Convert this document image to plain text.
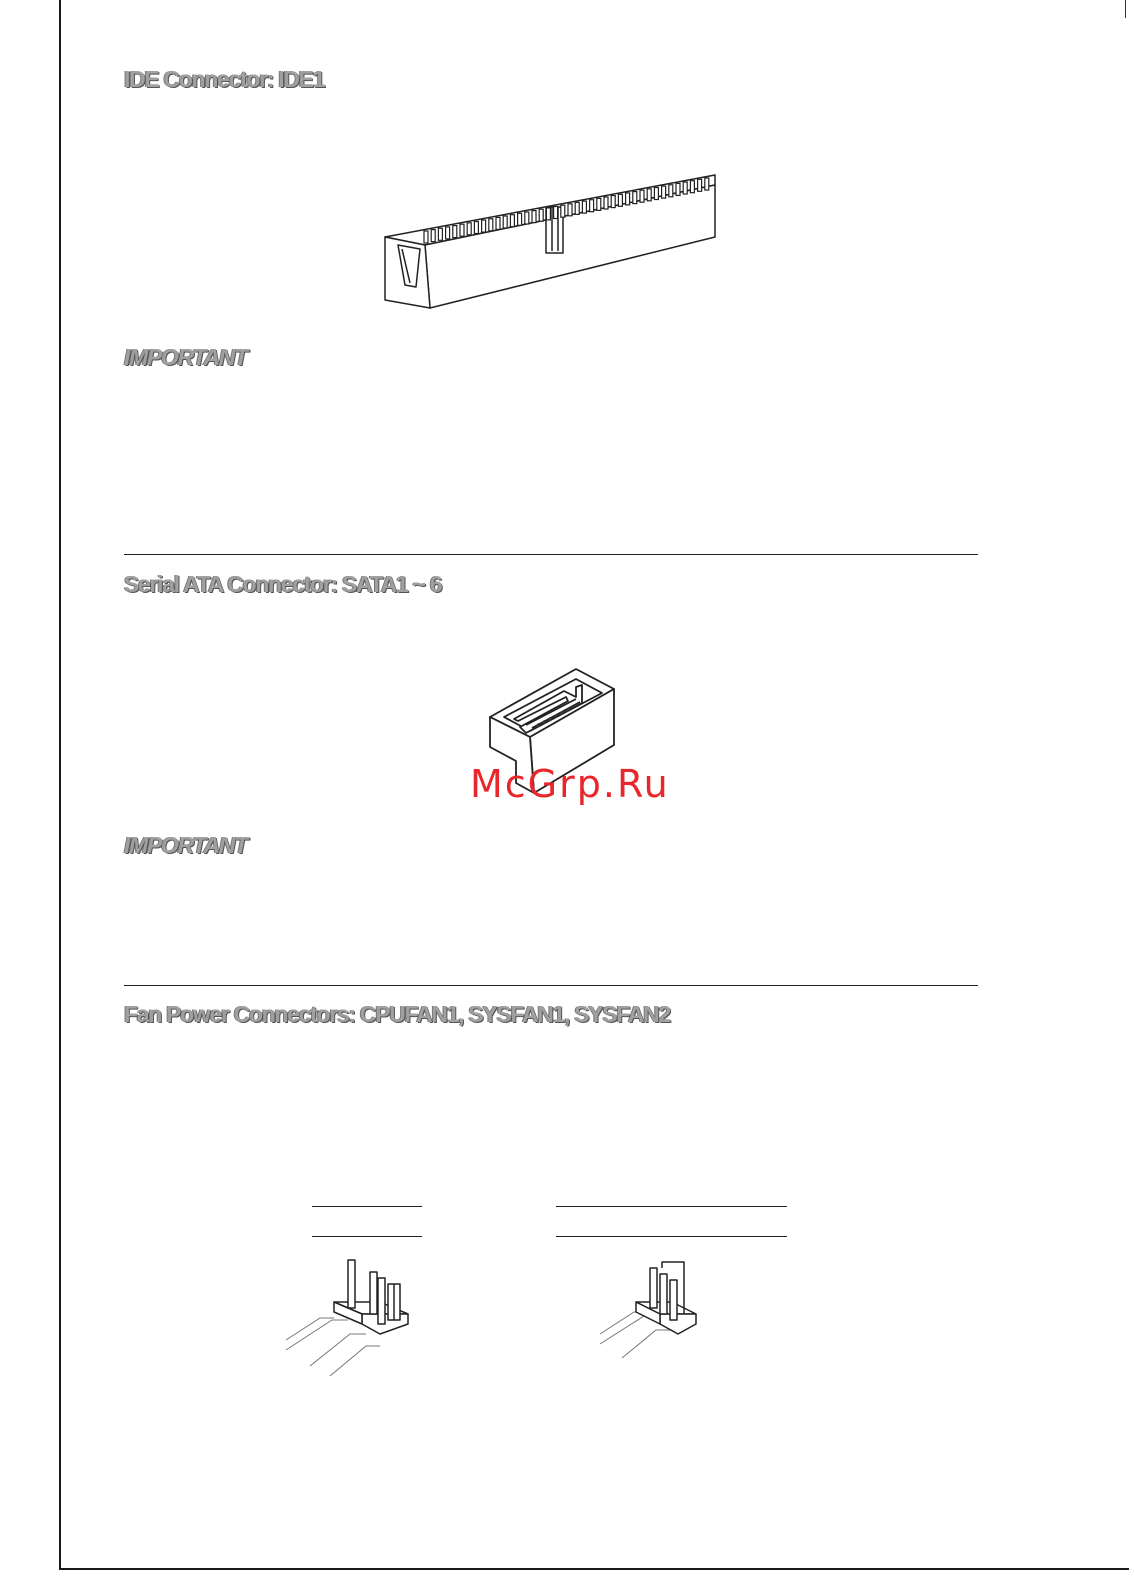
IDE Connector: IDE1
IMPORTANT
Serial ATA Connector: SATA1 ~ 6

McGrp.Ru

IMPORTANT
Fan Power Connectors: CPUFAN1, SYSFAN1, SYSFAN2
